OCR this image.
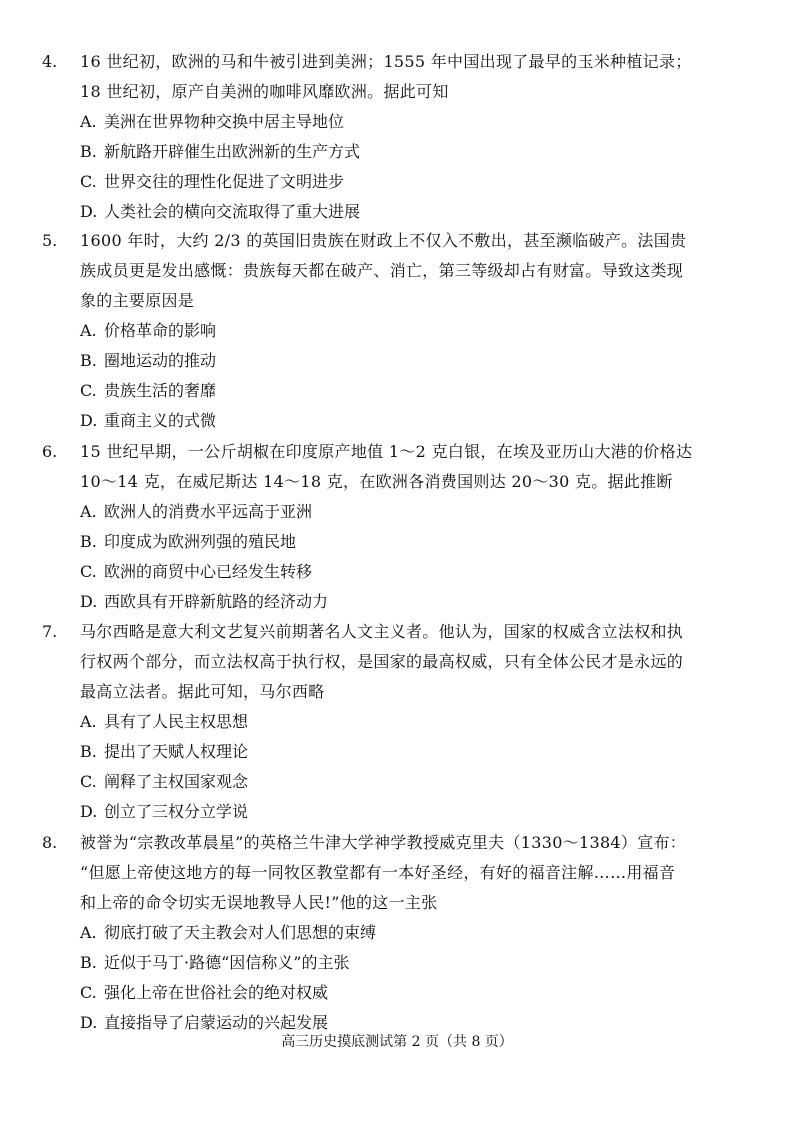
4. 16 世纪初，欧洲的马和牛被引进到美洲；1555 年中国出现了最早的玉米种植记录；
18 世纪初，原产自美洲的咖啡风靡欧洲。据此可知
A. 美洲在世界物种交换中居主导地位
B. 新航路开辟催生出欧洲新的生产方式
C. 世界交往的理性化促进了文明进步
D. 人类社会的横向交流取得了重大进展
5. 1600 年时，大约 2/3 的英国旧贵族在财政上不仅入不敷出，甚至濒临破产。法国贵
族成员更是发出感慨：贵族每天都在破产、消亡，第三等级却占有财富。导致这类现
象的主要原因是
A. 价格革命的影响
B. 圈地运动的推动
C. 贵族生活的奢靡
D. 重商主义的式微
6. 15 世纪早期，一公斤胡椒在印度原产地值 1～2 克白银，在埃及亚历山大港的价格达
10～14 克，在威尼斯达 14～18 克，在欧洲各消费国则达 20～30 克。据此推断
A. 欧洲人的消费水平远高于亚洲
B. 印度成为欧洲列强的殖民地
C. 欧洲的商贸中心已经发生转移
D. 西欧具有开辟新航路的经济动力
7. 马尔西略是意大利文艺复兴前期著名人文主义者。他认为，国家的权威含立法权和执
行权两个部分，而立法权高于执行权，是国家的最高权威，只有全体公民才是永远的
最高立法者。据此可知，马尔西略
A. 具有了人民主权思想
B. 提出了天赋人权理论
C. 阐释了主权国家观念
D. 创立了三权分立学说
8. 被誉为“宗教改革晨星”的英格兰牛津大学神学教授威克里夫（1330～1384）宣布：
“但愿上帝使这地方的每一同牧区教堂都有一本好圣经，有好的福音注解……用福音
和上帝的命令切实无误地教导人民!”他的这一主张
A. 彻底打破了天主教会对人们思想的束缚
B. 近似于马丁·路德“因信称义”的主张
C. 强化上帝在世俗社会的绝对权威
D. 直接指导了启蒙运动的兴起发展
高三历史摸底测试第 2 页（共 8 页）
